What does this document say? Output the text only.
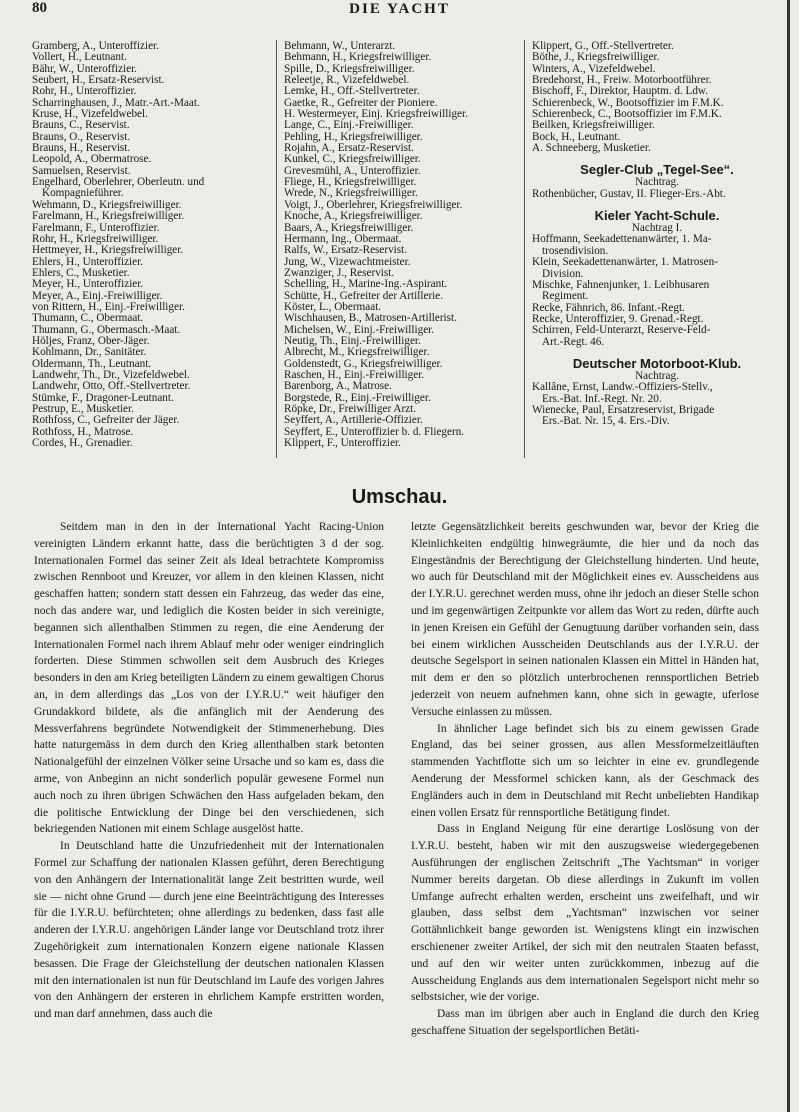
80	DIE YACHT
Gramberg, A., Unteroffizier.
Vollert, H., Leutnant.
Bähr, W., Unteroffizier.
Seubert, H., Ersatz-Reservist.
Rohr, H., Unteroffizier.
Scharringhausen, J., Matr.-Art.-Maat.
Kruse, H., Vizefeldwebel.
Brauns, C., Reservist.
Brauns, O., Reservist.
Brauns, H., Reservist.
Leopold, A., Obermatrose.
Samuelsen, Reservist.
Engelhard, Oberlehrer, Oberleutn. und
Kompagnieführer.
Wehmann, D., Kriegsfreiwilliger.
Farelmann, H., Kriegsfreiwilliger.
Farelmann, F., Unteroffizier.
Rohr, H., Kriegsfreiwilliger.
Hettmeyer, H., Kriegsfreiwilliger.
Ehlers, H., Unteroffizier.
Ehlers, C., Musketier.
Meyer, H., Unteroffizier.
Meyer, A., Einj.-Freiwilliger.
von Rittern, H., Einj.-Freiwilliger.
Thumann, C., Obermaat.
Thumann, G., Obermasch.-Maat.
Höljes, Franz, Ober-Jäger.
Kohlmann, Dr., Sanitäter.
Oldermann, Th., Leutnant.
Landwehr, Th., Dr., Vizefeldwebel.
Landwehr, Otto, Off.-Stellvertreter.
Stümke, F., Dragoner-Leutnant.
Pestrup, E., Musketier.
Rothfoss, C., Gefreiter der Jäger.
Rothfoss, H., Matrose.
Cordes, H., Grenadier.
Behmann, W., Unterarzt.
Behmann, H., Kriegsfreiwilliger.
Spille, D., Kriegsfreiwilliger.
Releetje, R., Vizefeldwebel.
Lemke, H., Off.-Stellvertreter.
Gaetke, R., Gefreiter der Pioniere.
H. Westermeyer, Einj. Kriegsfreiwilliger.
Lange, C., Einj.-Freiwilliger.
Pehling, H., Kriegsfreiwilliger.
Rojahn, A., Ersatz-Reservist.
Kunkel, C., Kriegsfreiwilliger.
Grevesmühl, A., Unteroffizier.
Fliege, H., Kriegsfreiwilliger.
Wrede, N., Kriegsfreiwilliger.
Voigt, J., Oberlehrer, Kriegsfreiwilliger.
Knoche, A., Kriegsfreiwilliger.
Baars, A., Kriegsfreiwilliger.
Hermann, Ing., Obermaat.
Ralfs, W., Ersatz-Reservist.
Jung, W., Vizewachtmeister.
Zwanziger, J., Reservist.
Schelling, H., Marine-Ing.-Aspirant.
Schütte, H., Gefreiter der Artillerie.
Köster, L., Obermaat.
Wischhausen, B., Matrosen-Artillerist.
Michelsen, W., Einj.-Freiwilliger.
Neutig, Th., Einj.-Freiwilliger.
Albrecht, M., Kriegsfreiwilliger.
Goldenstedt, G., Kriegsfreiwilliger.
Raschen, H., Einj.-Freiwilliger.
Barenborg, A., Matrose.
Borgstede, R., Einj.-Freiwilliger.
Röpke, Dr., Freiwilliger Arzt.
Seyffert, A., Artillerie-Offizier.
Seyffert, E., Unteroffizier b. d. Fliegern.
Klippert, F., Unteroffizier.
Klippert, G., Off.-Stellvertreter.
Böthe, J., Kriegsfreiwilliger.
Winters, A., Vizefeldwebel.
Bredehorst, H., Freiw. Motorbootführer.
Bischoff, F., Direktor, Hauptm. d. Ldw.
Schierenbeck, W., Bootsoffizier im F.M.K.
Schierenbeck, C., Bootsoffizier im F.M.K.
Beilken, Kriegsfreiwilliger.
Bock, H., Leutnant.
A. Schneeberg, Musketier.
Segler-Club „Tegel-See“.
Nachtrag.
Rothenbücher, Gustav, II. Flieger-Ers.-Abt.
Kieler Yacht-Schule.
Nachtrag I.
Hoffmann, Seekadettenanwärter, 1. Ma-
trosendivision.
Klein, Seekadettenanwärter, 1. Matrosen-
Division.
Mischke, Fahnenjunker, 1. Leibhusaren
Regiment.
Recke, Fähnrich, 86. Infant.-Regt.
Recke, Unteroffizier, 9. Grenad.-Regt.
Schirren, Feld-Unterarzt, Reserve-Feld-
Art.-Regt. 46.
Deutscher Motorboot-Klub.
Nachtrag.
Kallâne, Ernst, Landw.-Offiziers-Stellv.,
Ers.-Bat. Inf.-Regt. Nr. 20.
Wienecke, Paul, Ersatzreservist, Brigade
Ers.-Bat. Nr. 15, 4. Ers.-Div.
Umschau.

Seitdem man in den in der International Yacht Racing-Union vereinigten Ländern erkannt hatte, dass die berüchtigten 3 d der sog. Internationalen Formel das seiner Zeit als Ideal betrachtete Kompromiss zwischen Rennboot und Kreuzer, vor allem in den kleinen Klassen, nicht geschaffen hatten; sondern statt dessen ein Fahrzeug, das weder das eine, noch das andere war, und lediglich die Kosten beider in sich vereinigte, begannen sich allenthalben Stimmen zu regen, die eine Aenderung der Internationalen Formel nach ihrem Ablauf mehr oder weniger eindringlich forderten. Diese Stimmen schwollen seit dem Ausbruch des Krieges besonders in den am Krieg beteiligten Ländern zu einem gewaltigen Chorus an, in dem allerdings das „Los von der I.Y.R.U.“ weit häufiger den Grundakkord bildete, als die anfänglich mit der Aenderung des Messverfahrens begründete Notwendigkeit der Stimmenerhebung. Dies hatte naturgemäss in dem durch den Krieg allenthalben stark betonten Nationalgefühl der einzelnen Völker seine Ursache und so kam es, dass die arme, von Anbeginn an nicht sonderlich populär gewesene Formel nun auch noch zu ihren übrigen Schwächen den Hass aufgeladen bekam, den die politische Entwicklung der Dinge bei den verschiedenen, sich bekriegenden Nationen mit einem Schlage ausgelöst hatte.

In Deutschland hatte die Unzufriedenheit mit der Internationalen Formel zur Schaffung der nationalen Klassen geführt, deren Berechtigung von den Anhängern der Internationalität lange Zeit bestritten wurde, weil sie — nicht ohne Grund — durch jene eine Beeinträchtigung des Interesses für die I.Y.R.U. befürchteten; ohne allerdings zu bedenken, dass fast alle anderen der I.Y.R.U. angehörigen Länder lange vor Deutschland trotz ihrer Zugehörigkeit zum internationalen Konzern eigene nationale Klassen besassen. Die Frage der Gleichstellung der deutschen nationalen Klassen mit den internationalen ist nun für Deutschland im Laufe des vorigen Jahres von den Anhängern der ersteren in ehrlichem Kampfe erstritten worden, und man darf annehmen, dass auch die

letzte Gegensätzlichkeit bereits geschwunden war, bevor der Krieg die Kleinlichkeiten endgültig hinwegräumte, die hier und da noch das Eingeständnis der Berechtigung der Gleichstellung hinderten. Und heute, wo auch für Deutschland mit der Möglichkeit eines ev. Ausscheidens aus der I.Y.R.U. gerechnet werden muss, ohne ihr jedoch an dieser Stelle schon und im gegenwärtigen Zeitpunkte vor allem das Wort zu reden, dürfte auch in jenen Kreisen ein Gefühl der Genugtuung darüber vorhanden sein, dass bei einem wirklichen Ausscheiden Deutschlands aus der I.Y.R.U. der deutsche Segelsport in seinen nationalen Klassen ein Mittel in Händen hat, mit dem er den so plötzlich unterbrochenen rennsportlichen Betrieb jederzeit von neuem aufnehmen kann, ohne sich in gewagte, uferlose Versuche einlassen zu müssen.

In ähnlicher Lage befindet sich bis zu einem gewissen Grade England, das bei seiner grossen, aus allen Messformelzeitläuften stammenden Yachtflotte sich um so leichter in eine ev. grundlegende Aenderung der Messformel schicken kann, als der Geschmack des Engländers auch in dem in Deutschland mit Recht unbeliebten Handikap einen vollen Ersatz für rennsportliche Betätigung findet.

Dass in England Neigung für eine derartige Loslösung von der I.Y.R.U. besteht, haben wir mit den auszugsweise wiedergegebenen Ausführungen der englischen Zeitschrift „The Yachtsman“ in voriger Nummer bereits dargetan. Ob diese allerdings in Zukunft im vollen Umfange aufrecht erhalten werden, erscheint uns zweifelhaft, und wir glauben, dass selbst dem „Yachtsman“ inzwischen vor seiner Gottähnlichkeit bange geworden ist. Wenigstens klingt ein inzwischen erschienener zweiter Artikel, der sich mit den neutralen Staaten befasst, und auf den wir weiter unten zurückkommen, inbezug auf die Ausscheidung Englands aus dem internationalen Segelsport nicht mehr so selbstsicher, wie der vorige.

Dass man im übrigen aber auch in England die durch den Krieg geschaffene Situation der segelsportlichen Betäti-
